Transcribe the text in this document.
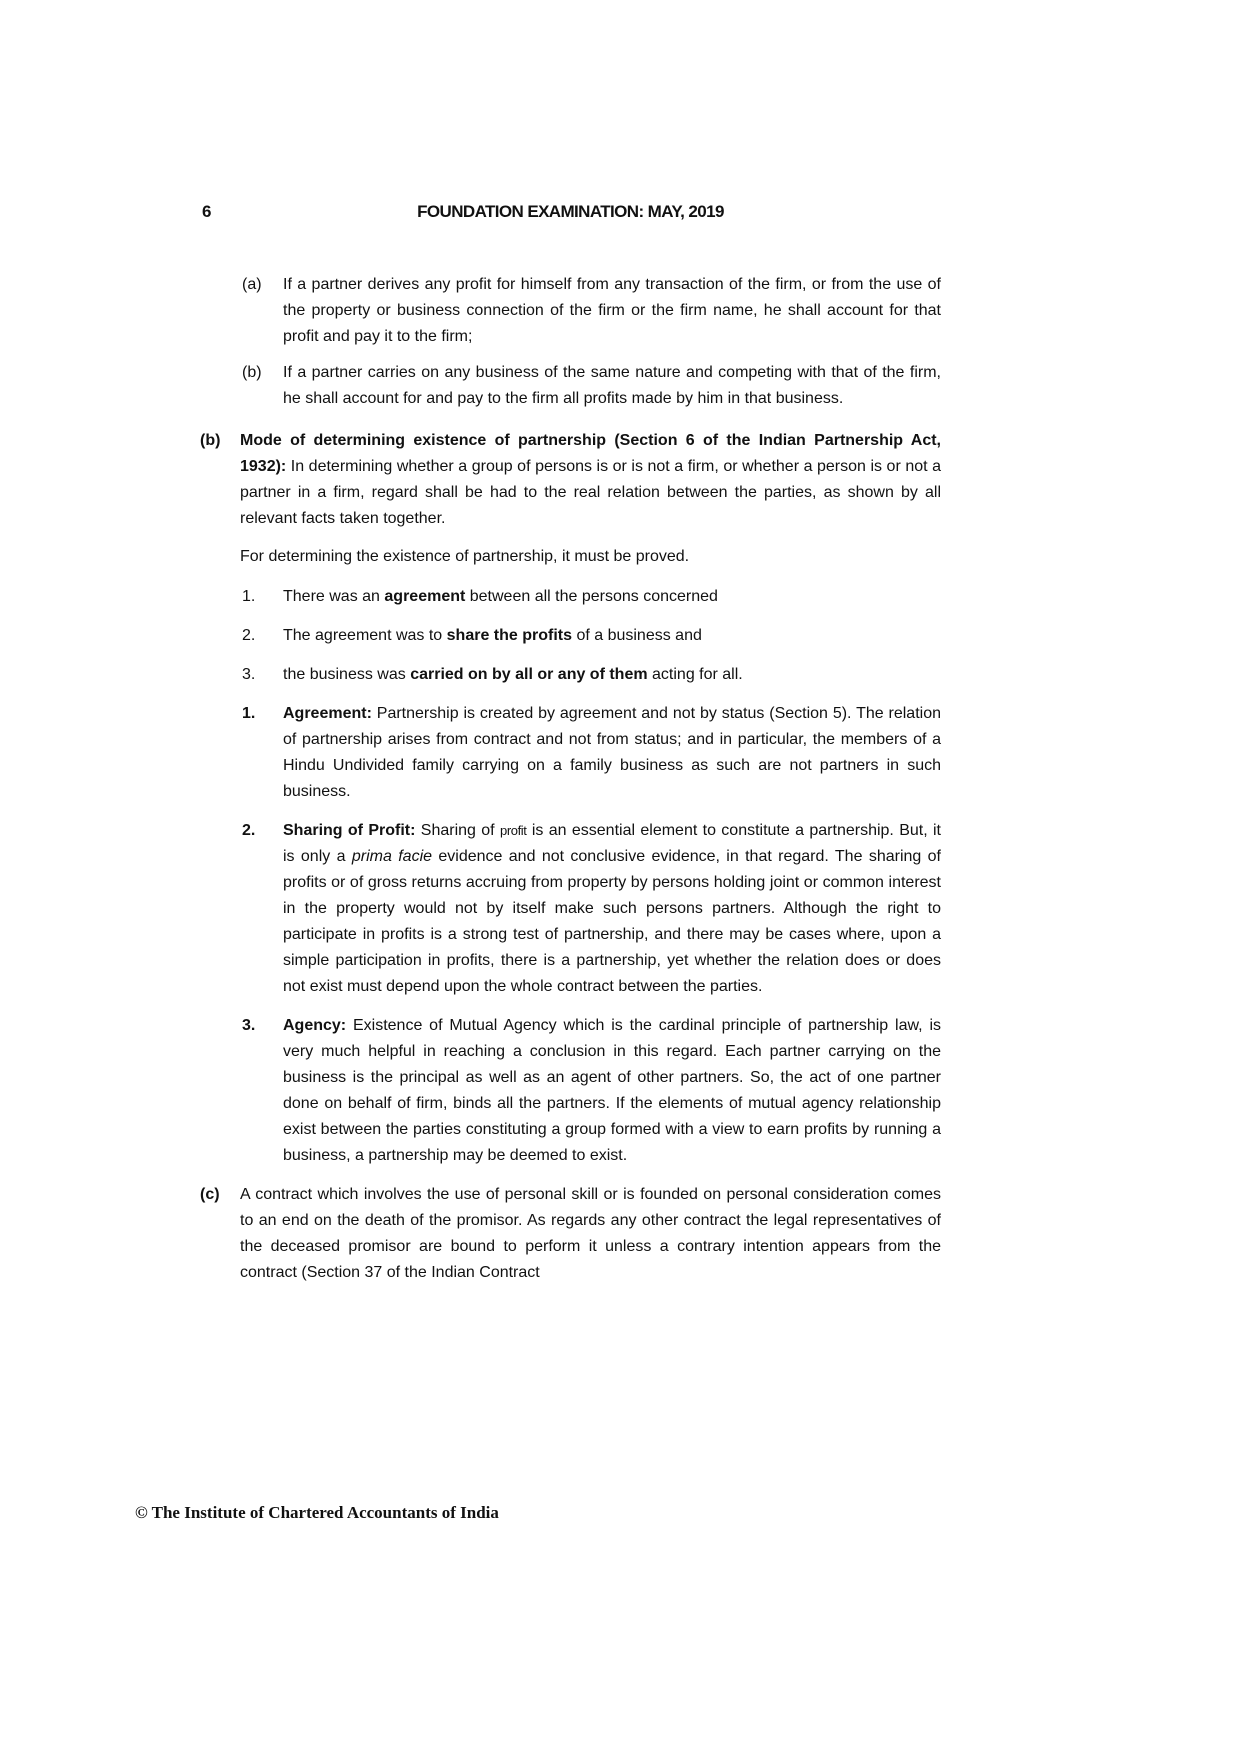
6	FOUNDATION EXAMINATION: MAY, 2019
(a)	If a partner derives any profit for himself from any transaction of the firm, or from the use of the property or business connection of the firm or the firm name, he shall account for that profit and pay it to the firm;
(b)	If a partner carries on any business of the same nature and competing with that of the firm, he shall account for and pay to the firm all profits made by him in that business.
(b)	Mode of determining existence of partnership (Section 6 of the Indian Partnership Act, 1932): In determining whether a group of persons is or is not a firm, or whether a person is or not a partner in a firm, regard shall be had to the real relation between the parties, as shown by all relevant facts taken together.
For determining the existence of partnership, it must be proved.
1.	There was an agreement between all the persons concerned
2.	The agreement was to share the profits of a business and
3.	the business was carried on by all or any of them acting for all.
1.	Agreement: Partnership is created by agreement and not by status (Section 5). The relation of partnership arises from contract and not from status; and in particular, the members of a Hindu Undivided family carrying on a family business as such are not partners in such business.
2.	Sharing of Profit: Sharing of profit is an essential element to constitute a partnership. But, it is only a prima facie evidence and not conclusive evidence, in that regard. The sharing of profits or of gross returns accruing from property by persons holding joint or common interest in the property would not by itself make such persons partners. Although the right to participate in profits is a strong test of partnership, and there may be cases where, upon a simple participation in profits, there is a partnership, yet whether the relation does or does not exist must depend upon the whole contract between the parties.
3.	Agency: Existence of Mutual Agency which is the cardinal principle of partnership law, is very much helpful in reaching a conclusion in this regard. Each partner carrying on the business is the principal as well as an agent of other partners. So, the act of one partner done on behalf of firm, binds all the partners. If the elements of mutual agency relationship exist between the parties constituting a group formed with a view to earn profits by running a business, a partnership may be deemed to exist.
(c)	A contract which involves the use of personal skill or is founded on personal consideration comes to an end on the death of the promisor. As regards any other contract the legal representatives of the deceased promisor are bound to perform it unless a contrary intention appears from the contract (Section 37 of the Indian Contract
© The Institute of Chartered Accountants of India
